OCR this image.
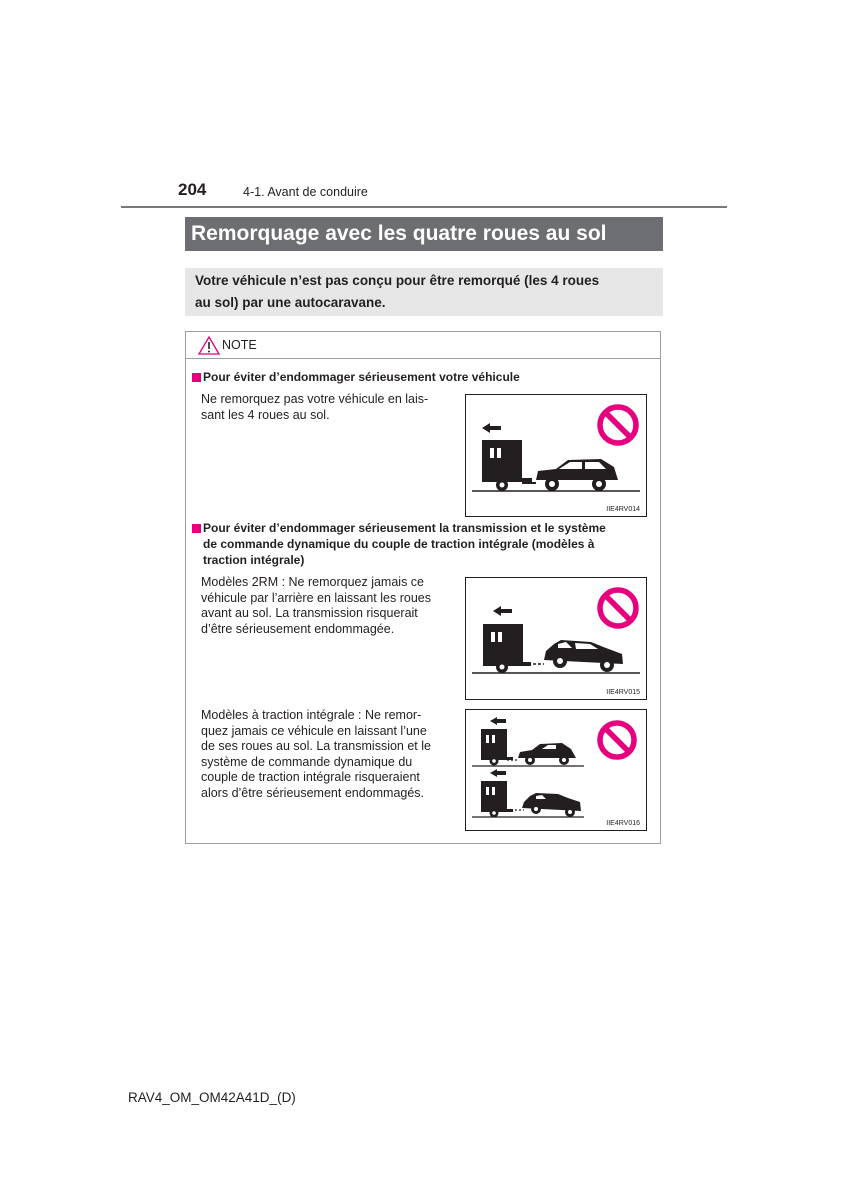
204	4-1. Avant de conduire
Remorquage avec les quatre roues au sol
Votre véhicule n’est pas conçu pour être remorqué (les 4 roues
au sol) par une autocaravane.
NOTE
Pour éviter d’endommager sérieusement votre véhicule
Ne remorquez pas votre véhicule en lais-
sant les 4 roues au sol.
IIE4RV014
Pour éviter d’endommager sérieusement la transmission et le système
de commande dynamique du couple de traction intégrale (modèles à
traction intégrale)
Modèles 2RM : Ne remorquez jamais ce
véhicule par l’arrière en laissant les roues
avant au sol. La transmission risquerait
d’être sérieusement endommagée.
IIE4RV015
Modèles à traction intégrale : Ne remor-
quez jamais ce véhicule en laissant l’une
de ses roues au sol. La transmission et le
système de commande dynamique du
couple de traction intégrale risqueraient
alors d’être sérieusement endommagés.
IIE4RV016
RAV4_OM_OM42A41D_(D)
